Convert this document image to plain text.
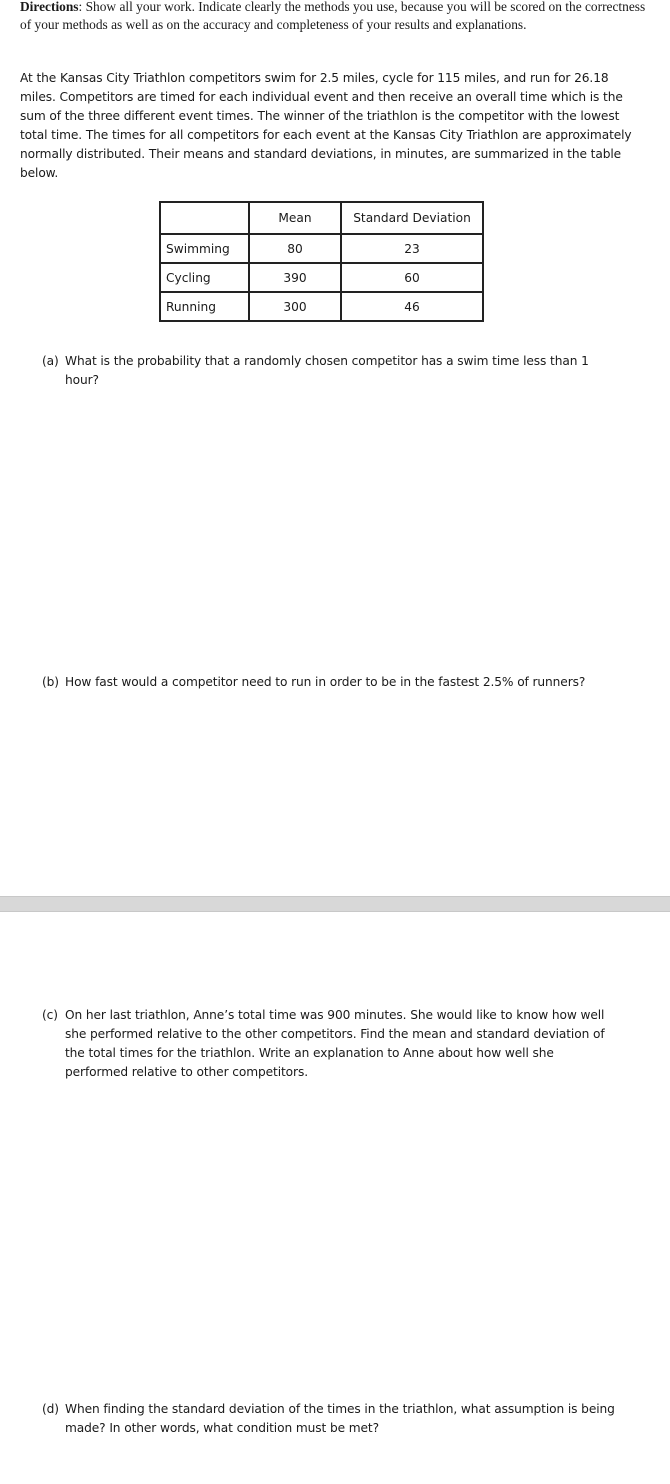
Directions: Show all your work. Indicate clearly the methods you use, because you will be scored on the correctness of your methods as well as on the accuracy and completeness of your results and explanations.
At the Kansas City Triathlon competitors swim for 2.5 miles, cycle for 115 miles, and run for 26.18 miles. Competitors are timed for each individual event and then receive an overall time which is the sum of the three different event times. The winner of the triathlon is the competitor with the lowest total time. The times for all competitors for each event at the Kansas City Triathlon are approximately normally distributed. Their means and standard deviations, in minutes, are summarized in the table below.
	Mean	Standard Deviation
Swimming	80	23
Cycling	390	60
Running	300	46
(a) What is the probability that a randomly chosen competitor has a swim time less than 1 hour?
(b) How fast would a competitor need to run in order to be in the fastest 2.5% of runners?
(c) On her last triathlon, Anne’s total time was 900 minutes. She would like to know how well she performed relative to the other competitors. Find the mean and standard deviation of the total times for the triathlon. Write an explanation to Anne about how well she performed relative to other competitors.
(d) When finding the standard deviation of the times in the triathlon, what assumption is being made? In other words, what condition must be met?
